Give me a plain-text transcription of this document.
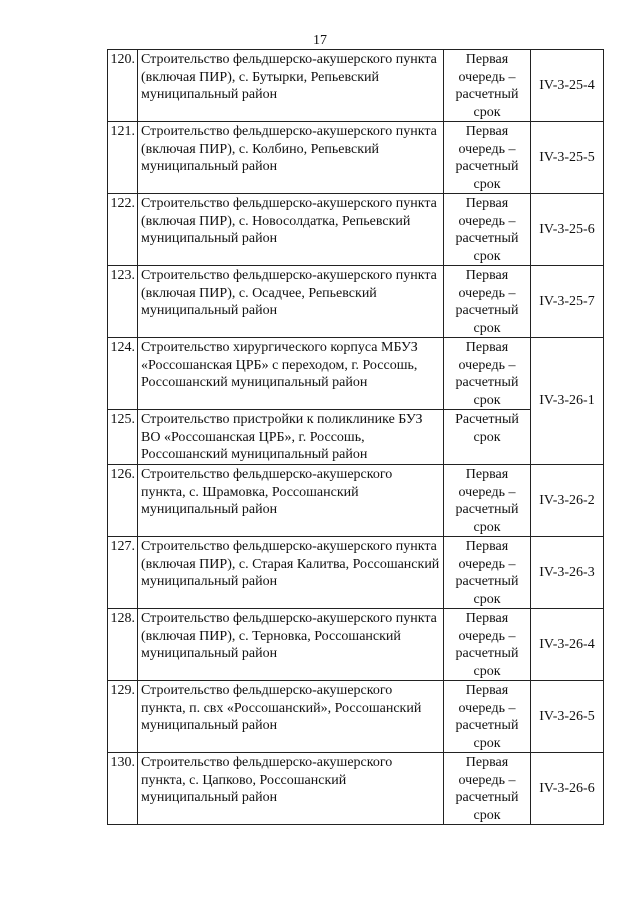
17
120.	Строительство фельдшерско-акушерского пункта (включая ПИР), с. Бутырки, Репьевский муниципальный район	Первая очередь – расчетный срок	IV-3-25-4
121.	Строительство фельдшерско-акушерского пункта (включая ПИР), с. Колбино, Репьевский муниципальный район	Первая очередь – расчетный срок	IV-3-25-5
122.	Строительство фельдшерско-акушерского пункта (включая ПИР), с. Новосолдатка, Репьевский муниципальный район	Первая очередь – расчетный срок	IV-3-25-6
123.	Строительство фельдшерско-акушерского пункта (включая ПИР), с. Осадчее, Репьевский муниципальный район	Первая очередь – расчетный срок	IV-3-25-7
124.	Строительство хирургического корпуса МБУЗ «Россошанская ЦРБ» с переходом, г. Россошь, Россошанский муниципальный район	Первая очередь – расчетный срок	IV-3-26-1
125.	Строительство пристройки к поликлинике БУЗ ВО «Россошанская ЦРБ», г. Россошь, Россошанский муниципальный район	Расчетный срок	
126.	Строительство фельдшерско-акушерского пункта, с. Шрамовка, Россошанский муниципальный район	Первая очередь – расчетный срок	IV-3-26-2
127.	Строительство фельдшерско-акушерского пункта (включая ПИР), с. Старая Калитва, Россошанский муниципальный район	Первая очередь – расчетный срок	IV-3-26-3
128.	Строительство фельдшерско-акушерского пункта (включая ПИР), с. Терновка, Россошанский муниципальный район	Первая очередь – расчетный срок	IV-3-26-4
129.	Строительство фельдшерско-акушерского пункта, п. свх «Россошанский», Россошанский муниципальный район	Первая очередь – расчетный срок	IV-3-26-5
130.	Строительство фельдшерско-акушерского пункта, с. Цапково, Россошанский муниципальный район	Первая очередь – расчетный срок	IV-3-26-6
